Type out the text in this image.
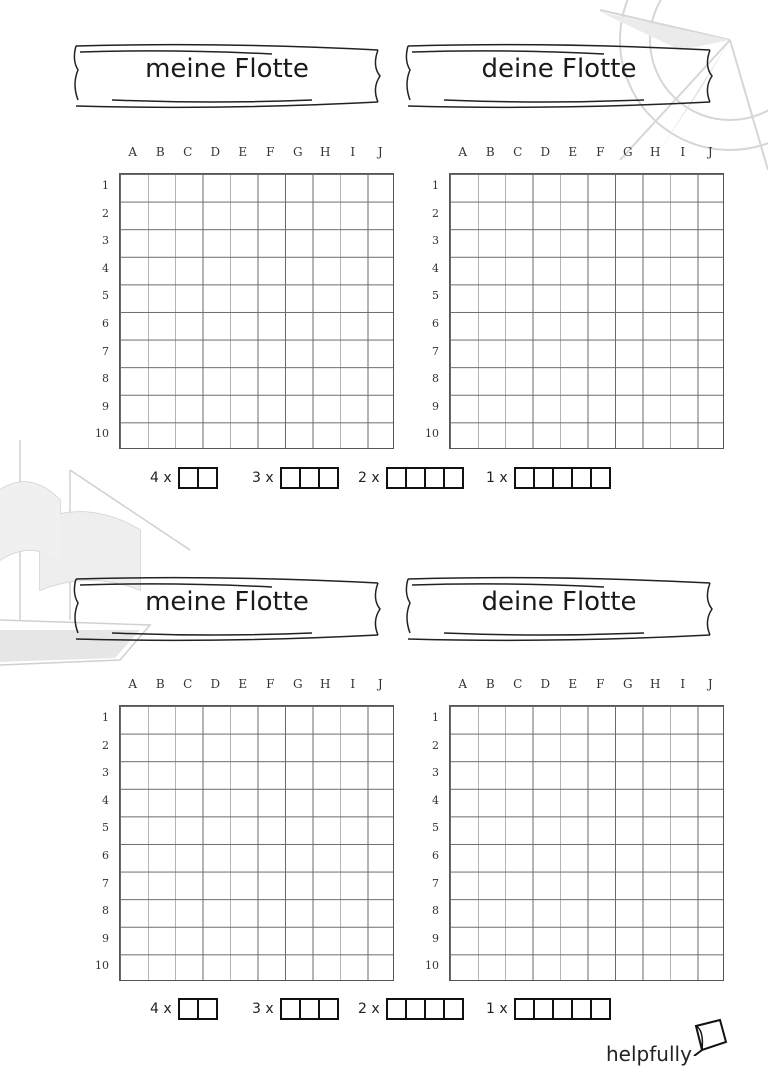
meine Flotte	deine Flotte
A	B	C	D	E	F	G	H	I	J
1
2
3
4
5
6
7
8
9
10
A	B	C	D	E	F	G	H	I	J
1
2
3
4
5
6
7
8
9
10
4 x	3 x	2 x	1 x
meine Flotte	deine Flotte
A	B	C	D	E	F	G	H	I	J
1
2
3
4
5
6
7
8
9
10
A	B	C	D	E	F	G	H	I	J
1
2
3
4
5
6
7
8
9
10
4 x	3 x	2 x	1 x
helpfully
